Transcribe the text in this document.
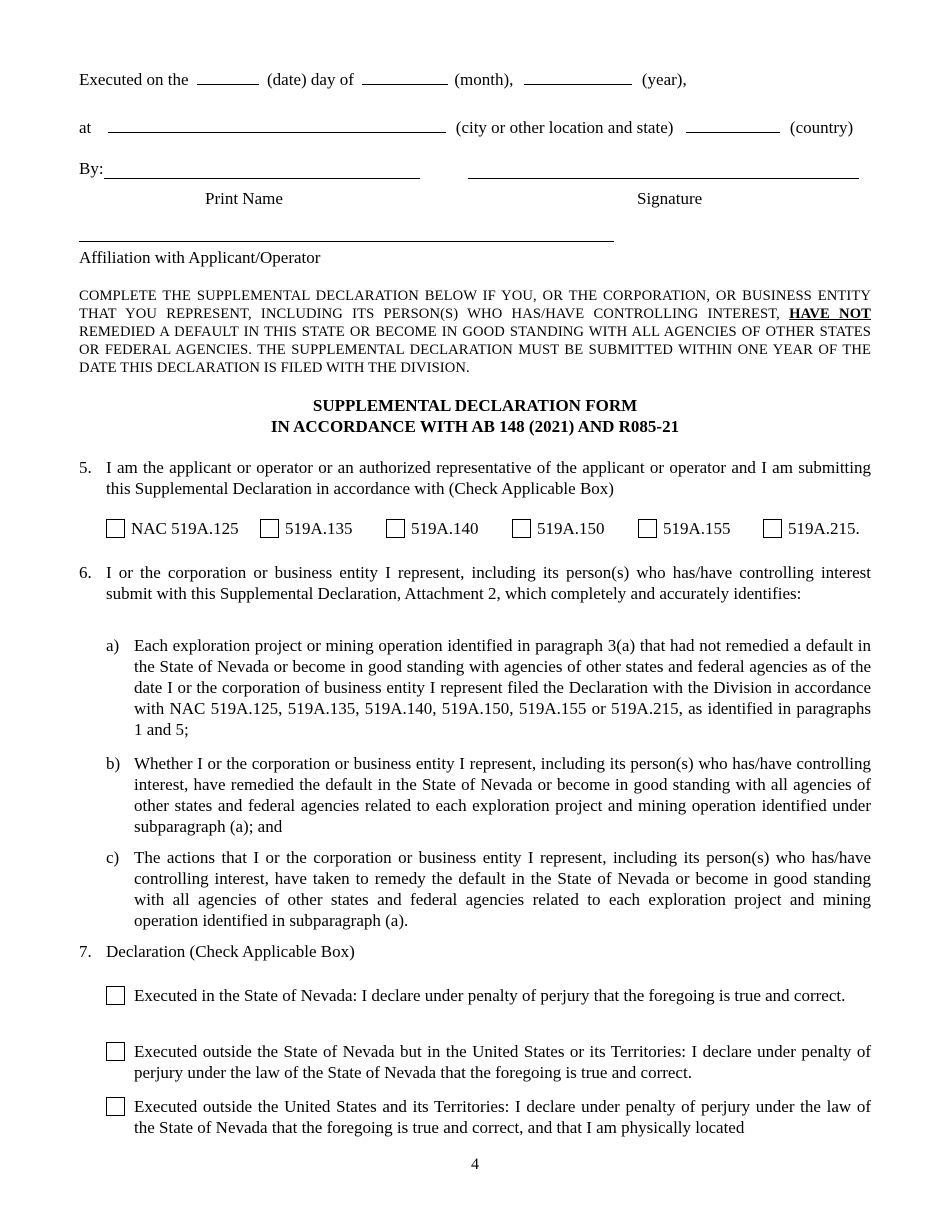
Executed on the	(date) day of	(month),	(year),
at	(city or other location and state)	(country)
By:
Print Name	Signature
Affiliation with Applicant/Operator
COMPLETE THE SUPPLEMENTAL DECLARATION BELOW IF YOU, OR THE CORPORATION, OR BUSINESS ENTITY THAT YOU REPRESENT, INCLUDING ITS PERSON(S) WHO HAS/HAVE CONTROLLING INTEREST, HAVE NOT REMEDIED A DEFAULT IN THIS STATE OR BECOME IN GOOD STANDING WITH ALL AGENCIES OF OTHER STATES OR FEDERAL AGENCIES. THE SUPPLEMENTAL DECLARATION MUST BE SUBMITTED WITHIN ONE YEAR OF THE DATE THIS DECLARATION IS FILED WITH THE DIVISION.
SUPPLEMENTAL DECLARATION FORM
IN ACCORDANCE WITH AB 148 (2021) AND R085-21
5. I am the applicant or operator or an authorized representative of the applicant or operator and I am submitting this Supplemental Declaration in accordance with (Check Applicable Box)
NAC 519A.125	519A.135	519A.140	519A.150	519A.155	519A.215.
6. I or the corporation or business entity I represent, including its person(s) who has/have controlling interest submit with this Supplemental Declaration, Attachment 2, which completely and accurately identifies:
a) Each exploration project or mining operation identified in paragraph 3(a) that had not remedied a default in the State of Nevada or become in good standing with agencies of other states and federal agencies as of the date I or the corporation of business entity I represent filed the Declaration with the Division in accordance with NAC 519A.125, 519A.135, 519A.140, 519A.150, 519A.155 or 519A.215, as identified in paragraphs 1 and 5;
b) Whether I or the corporation or business entity I represent, including its person(s) who has/have controlling interest, have remedied the default in the State of Nevada or become in good standing with all agencies of other states and federal agencies related to each exploration project and mining operation identified under subparagraph (a); and
c) The actions that I or the corporation or business entity I represent, including its person(s) who has/have controlling interest, have taken to remedy the default in the State of Nevada or become in good standing with all agencies of other states and federal agencies related to each exploration project and mining operation identified in subparagraph (a).
7. Declaration (Check Applicable Box)
Executed in the State of Nevada: I declare under penalty of perjury that the foregoing is true and correct.
Executed outside the State of Nevada but in the United States or its Territories: I declare under penalty of perjury under the law of the State of Nevada that the foregoing is true and correct.
Executed outside the United States and its Territories: I declare under penalty of perjury under the law of the State of Nevada that the foregoing is true and correct, and that I am physically located
4
